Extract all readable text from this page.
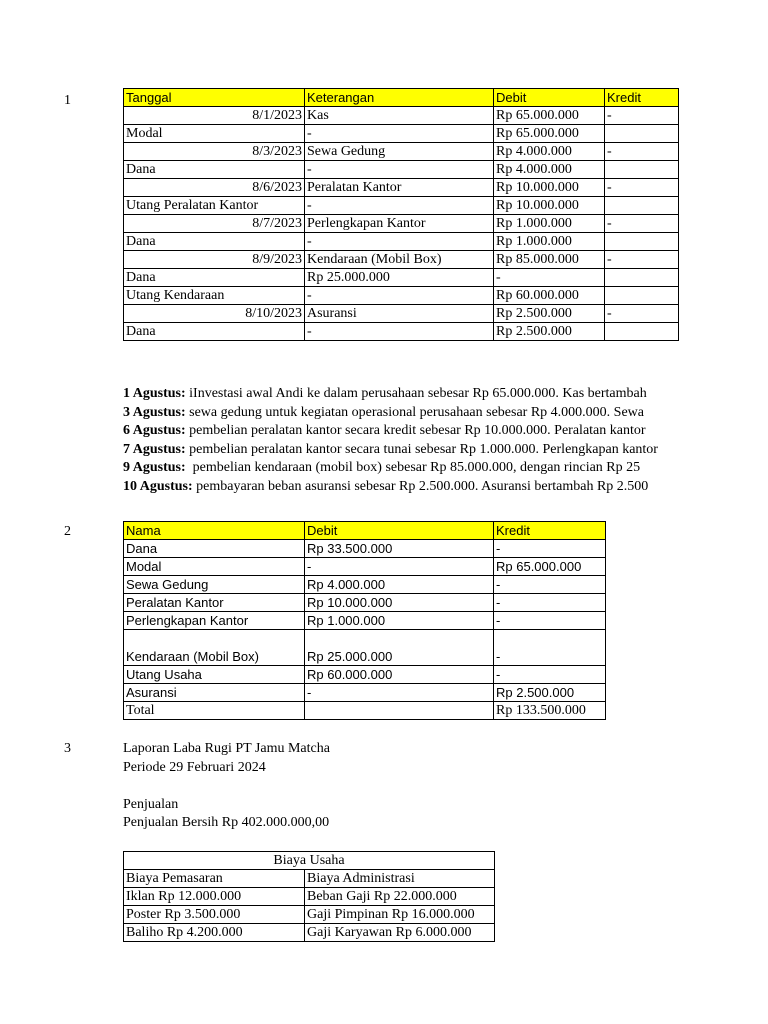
1	Tanggal	Keterangan	Debit	Kredit
8/1/2023	Kas	Rp 65.000.000	-
Modal	-	Rp 65.000.000	
8/3/2023	Sewa Gedung	Rp 4.000.000	-
Dana	-	Rp 4.000.000	
8/6/2023	Peralatan Kantor	Rp 10.000.000	-
Utang Peralatan Kantor	-	Rp 10.000.000	
8/7/2023	Perlengkapan Kantor	Rp 1.000.000	-
Dana	-	Rp 1.000.000	
8/9/2023	Kendaraan (Mobil Box)	Rp 85.000.000	-
Dana	Rp 25.000.000	-	
Utang Kendaraan	-	Rp 60.000.000	
8/10/2023	Asuransi	Rp 2.500.000	-
Dana	-	Rp 2.500.000	
1 Agustus: iInvestasi awal Andi ke dalam perusahaan sebesar Rp 65.000.000. Kas bertambah
3 Agustus: sewa gedung untuk kegiatan operasional perusahaan sebesar Rp 4.000.000. Sewa
6 Agustus: pembelian peralatan kantor secara kredit sebesar Rp 10.000.000. Peralatan kantor
7 Agustus: pembelian peralatan kantor secara tunai sebesar Rp 1.000.000. Perlengkapan kantor
9 Agustus:  pembelian kendaraan (mobil box) sebesar Rp 85.000.000, dengan rincian Rp 25
10 Agustus: pembayaran beban asuransi sebesar Rp 2.500.000. Asuransi bertambah Rp 2.500
2	Nama	Debit	Kredit
Dana	Rp 33.500.000	-
Modal	-	Rp 65.000.000
Sewa Gedung	Rp 4.000.000	-
Peralatan Kantor	Rp 10.000.000	-
Perlengkapan Kantor	Rp 1.000.000	-
Kendaraan (Mobil Box)	Rp 25.000.000	-
Utang Usaha	Rp 60.000.000	-
Asuransi	-	Rp 2.500.000
Total		Rp 133.500.000
3	Laporan Laba Rugi PT Jamu Matcha
Periode 29 Februari 2024
Penjualan
Penjualan Bersih Rp 402.000.000,00
Biaya Usaha	
Biaya Pemasaran	Biaya Administrasi
Iklan Rp 12.000.000	Beban Gaji Rp 22.000.000
Poster Rp 3.500.000	Gaji Pimpinan Rp 16.000.000
Baliho Rp 4.200.000	Gaji Karyawan Rp 6.000.000
